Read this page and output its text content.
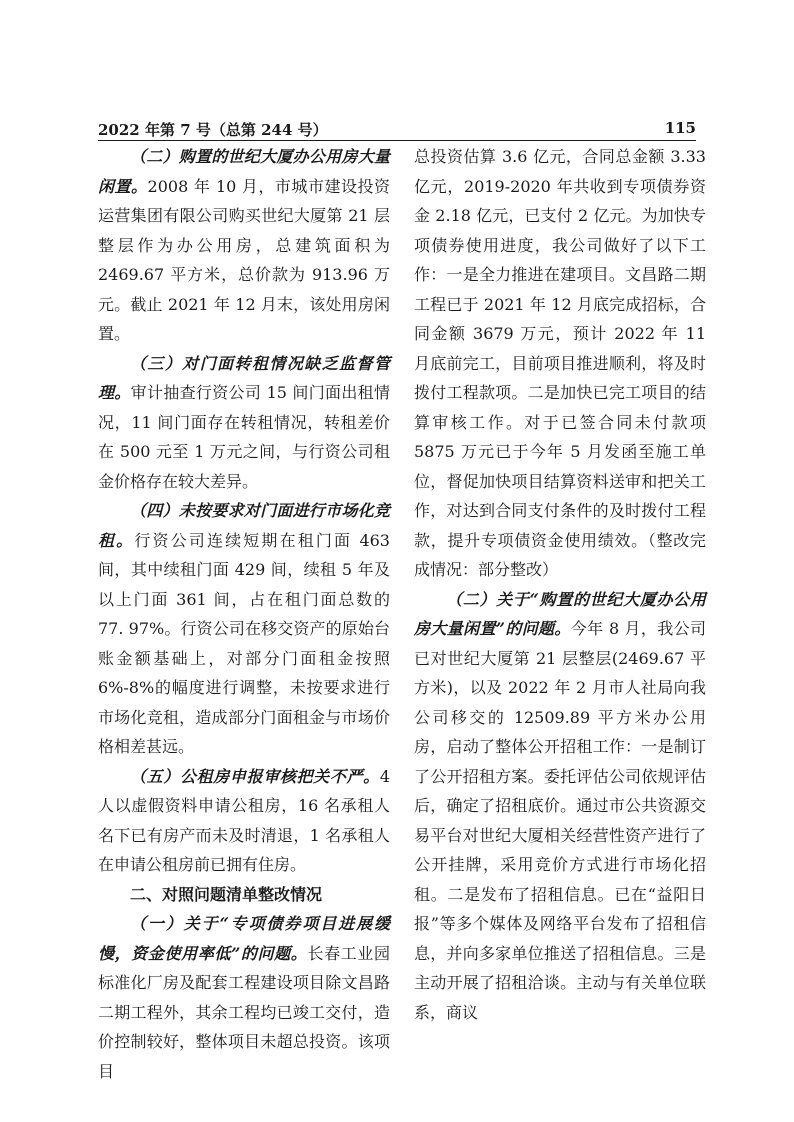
2022 年第 7 号（总第 244 号）	115

（二）购置的世纪大厦办公用房大量闲置。2008 年 10 月，市城市建设投资运营集团有限公司购买世纪大厦第 21 层整层作为办公用房，总建筑面积为 2469.67 平方米，总价款为 913.96 万元。截止 2021 年 12 月末，该处用房闲置。

（三）对门面转租情况缺乏监督管理。审计抽查行资公司 15 间门面出租情况，11 间门面存在转租情况，转租差价在 500 元至 1 万元之间，与行资公司租金价格存在较大差异。

（四）未按要求对门面进行市场化竞租。行资公司连续短期在租门面 463 间，其中续租门面 429 间，续租 5 年及以上门面 361 间，占在租门面总数的 77. 97%。行资公司在移交资产的原始台账金额基础上，对部分门面租金按照 6%-8%的幅度进行调整，未按要求进行市场化竞租，造成部分门面租金与市场价格相差甚远。

（五）公租房申报审核把关不严。4 人以虚假资料申请公租房，16 名承租人名下已有房产而未及时清退，1 名承租人在申请公租房前已拥有住房。

二、对照问题清单整改情况

（一）关于“专项债券项目进展缓慢，资金使用率低”的问题。长春工业园标准化厂房及配套工程建设项目除文昌路二期工程外，其余工程均已竣工交付，造价控制较好，整体项目未超总投资。该项目

总投资估算 3.6 亿元，合同总金额 3.33 亿元，2019-2020 年共收到专项债券资金 2.18 亿元，已支付 2 亿元。为加快专项债券使用进度，我公司做好了以下工作：一是全力推进在建项目。文昌路二期工程已于 2021 年 12 月底完成招标，合同金额 3679 万元，预计 2022 年 11 月底前完工，目前项目推进顺利，将及时拨付工程款项。二是加快已完工项目的结算审核工作。对于已签合同未付款项 5875 万元已于今年 5 月发函至施工单位，督促加快项目结算资料送审和把关工作，对达到合同支付条件的及时拨付工程款，提升专项债资金使用绩效。（整改完成情况：部分整改）

（二）关于“购置的世纪大厦办公用房大量闲置”的问题。今年 8 月，我公司已对世纪大厦第 21 层整层(2469.67 平方米)，以及 2022 年 2 月市人社局向我公司移交的 12509.89 平方米办公用房，启动了整体公开招租工作：一是制订了公开招租方案。委托评估公司依规评估后，确定了招租底价。通过市公共资源交易平台对世纪大厦相关经营性资产进行了公开挂牌，采用竞价方式进行市场化招租。二是发布了招租信息。已在“益阳日报”等多个媒体及网络平台发布了招租信息，并向多家单位推送了招租信息。三是主动开展了招租洽谈。主动与有关单位联系，商议
